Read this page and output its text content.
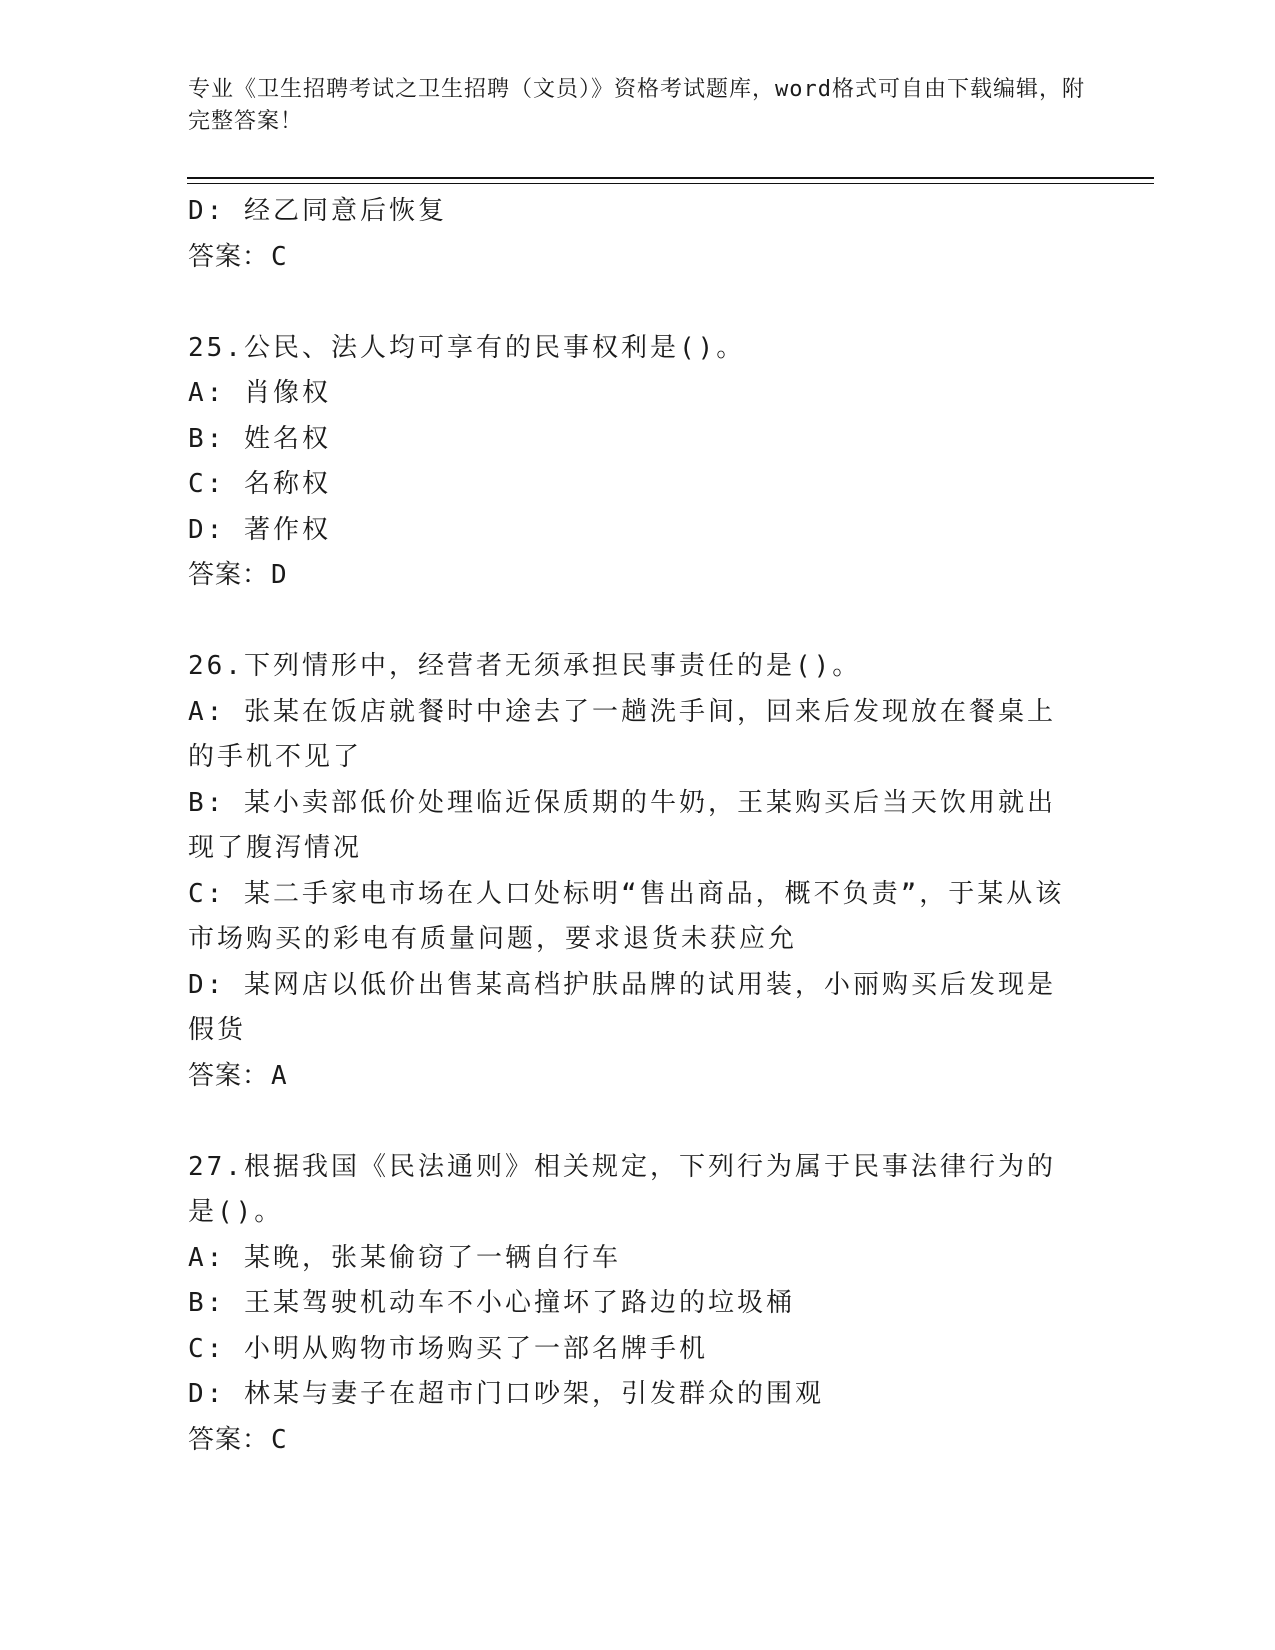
专业《卫生招聘考试之卫生招聘（文员）》资格考试题库，word格式可自由下载编辑，附完整答案！
D: 经乙同意后恢复
答案：C
25.公民、法人均可享有的民事权利是()。
A: 肖像权
B: 姓名权
C: 名称权
D: 著作权
答案：D
26.下列情形中，经营者无须承担民事责任的是()。
A: 张某在饭店就餐时中途去了一趟洗手间，回来后发现放在餐桌上的手机不见了
B: 某小卖部低价处理临近保质期的牛奶，王某购买后当天饮用就出现了腹泻情况
C: 某二手家电市场在人口处标明“售出商品，概不负责”，于某从该市场购买的彩电有质量问题，要求退货未获应允
D: 某网店以低价出售某高档护肤品牌的试用装，小丽购买后发现是假货
答案：A
27.根据我国《民法通则》相关规定，下列行为属于民事法律行为的是()。
A: 某晚，张某偷窃了一辆自行车
B: 王某驾驶机动车不小心撞坏了路边的垃圾桶
C: 小明从购物市场购买了一部名牌手机
D: 林某与妻子在超市门口吵架，引发群众的围观
答案：C
